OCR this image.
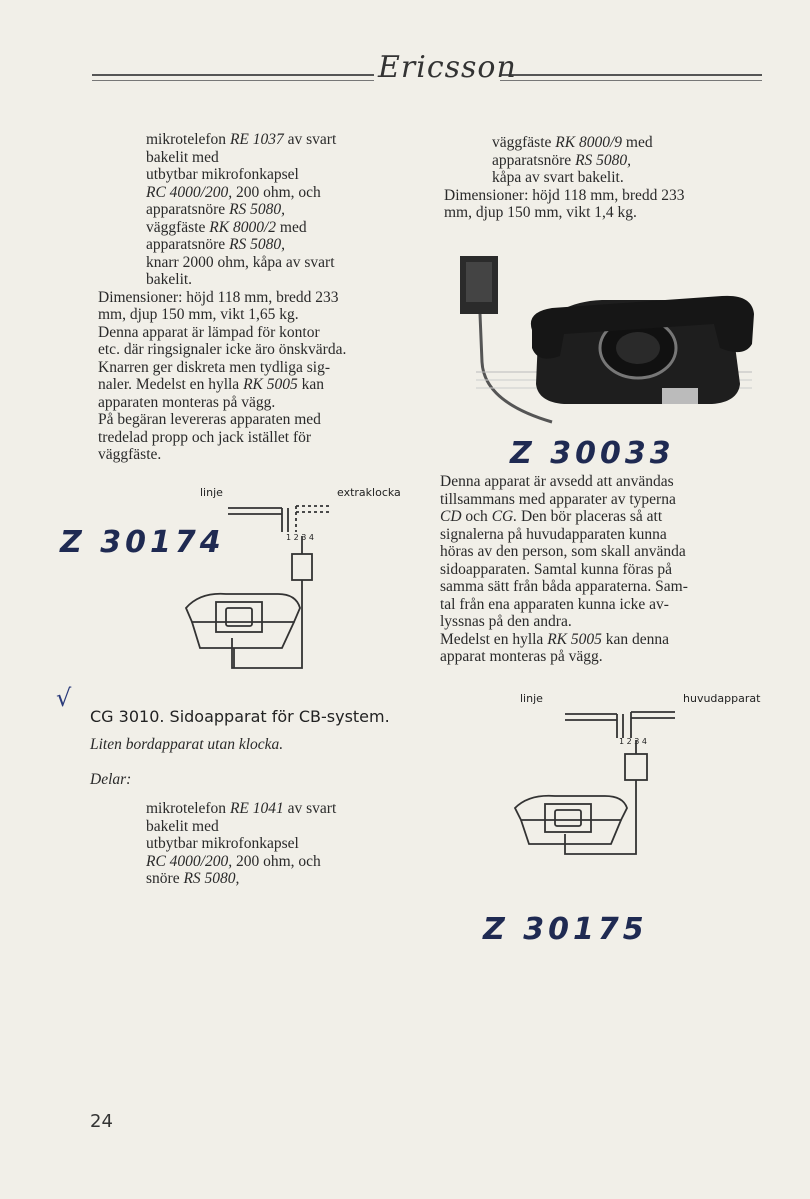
Ericsson

mikrotelefon RE 1037 av svart

bakelit med

utbytbar mikrofonkapsel

RC 4000/200, 200 ohm, och

apparatsnöre RS 5080,

väggfäste RK 8000/2 med

apparatsnöre RS 5080,

knarr 2000 ohm, kåpa av svart

bakelit.

Dimensioner: höjd 118 mm, bredd 233

mm, djup 150 mm, vikt 1,65 kg.

Denna apparat är lämpad för kontor

etc. där ringsignaler icke äro önskvärda.

Knarren ger diskreta men tydliga sig-

naler. Medelst en hylla RK 5005 kan

apparaten monteras på vägg.

På begäran levereras apparaten med

tredelad propp och jack istället för

väggfäste.

linje	extraklocka
1 2 3 4
Z 30174
√
CG 3010. Sidoapparat för CB-system.
Liten bordapparat utan klocka.
Delar:

mikrotelefon RE 1041 av svart

bakelit med

utbytbar mikrofonkapsel

RC 4000/200, 200 ohm, och

snöre RS 5080,

24

väggfäste RK 8000/9 med

apparatsnöre RS 5080,

kåpa av svart bakelit.

Dimensioner: höjd 118 mm, bredd 233

mm, djup 150 mm, vikt 1,4 kg.

Z 30033

Denna apparat är avsedd att användas

tillsammans med apparater av typerna

CD och CG. Den bör placeras så att

signalerna på huvudapparaten kunna

höras av den person, som skall använda

sidoapparaten. Samtal kunna föras på

samma sätt från båda apparaterna. Sam-

tal från ena apparaten kunna icke av-

lyssnas på den andra.

Medelst en hylla RK 5005 kan denna

apparat monteras på vägg.

linje	huvudapparat
1 2 3 4
Z 30175
